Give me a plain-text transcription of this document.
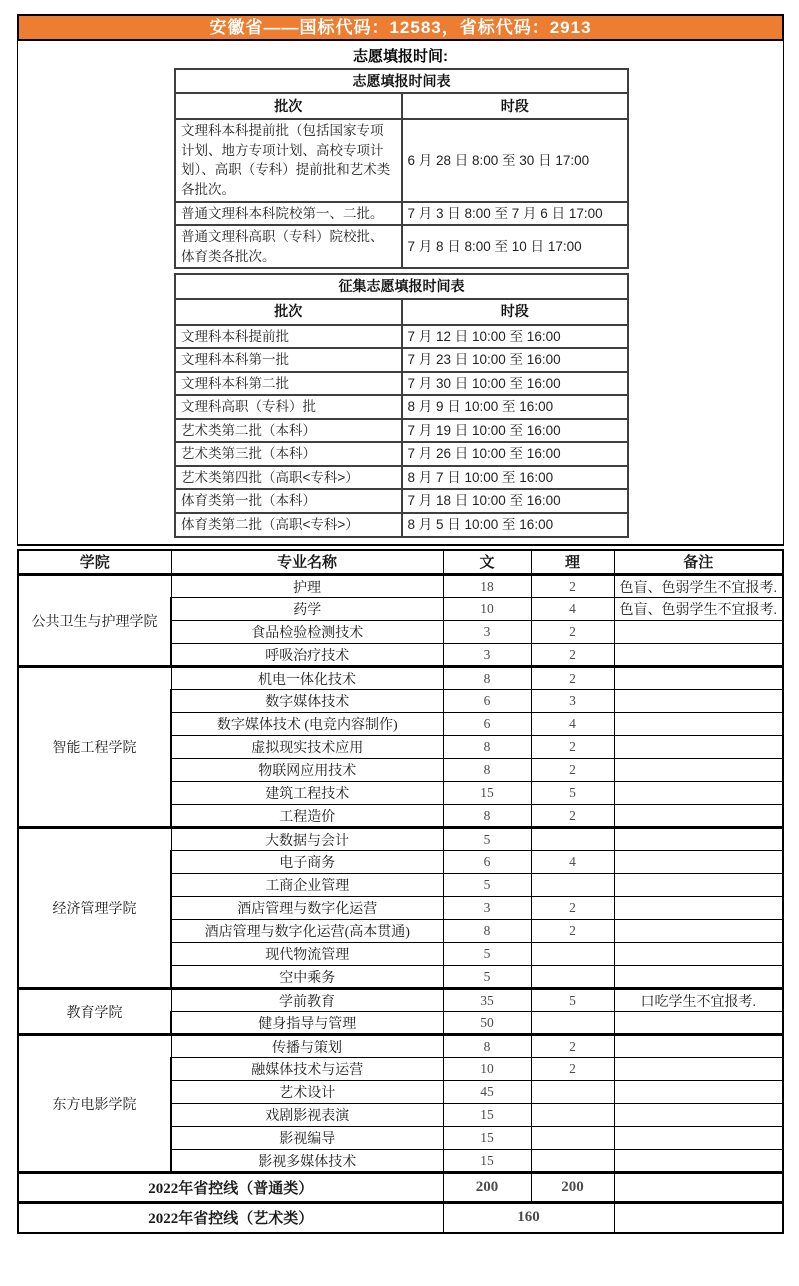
安徽省——国标代码：12583，省标代码：2913
志愿填报时间:
志愿填报时间表	
批次	时段
文理科本科提前批（包括国家专项计划、地方专项计划、高校专项计划）、高职（专科）提前批和艺术类各批次。	6 月 28 日 8:00 至 30 日 17:00
普通文理科本科院校第一、二批。	7 月 3 日 8:00 至 7 月 6 日 17:00
普通文理科高职（专科）院校批、体育类各批次。	7 月 8 日 8:00 至 10 日 17:00
征集志愿填报时间表	
批次	时段
文理科本科提前批	7 月 12 日 10:00 至 16:00
文理科本科第一批	7 月 23 日 10:00 至 16:00
文理科本科第二批	7 月 30 日 10:00 至 16:00
文理科高职（专科）批	8 月 9 日 10:00 至 16:00
艺术类第二批（本科）	7 月 19 日 10:00 至 16:00
艺术类第三批（本科）	7 月 26 日 10:00 至 16:00
艺术类第四批（高职<专科>）	8 月 7 日 10:00 至 16:00
体育类第一批（本科）	7 月 18 日 10:00 至 16:00
体育类第二批（高职<专科>）	8 月 5 日 10:00 至 16:00
学院	专业名称	文	理	备注
公共卫生与护理学院	护理	18	2	色盲、色弱学生不宜报考.
	药学	10	4	色盲、色弱学生不宜报考.
	食品检验检测技术	3	2	
	呼吸治疗技术	3	2	
智能工程学院	机电一体化技术	8	2	
	数字媒体技术	6	3	
	数字媒体技术 (电竞内容制作)	6	4	
	虚拟现实技术应用	8	2	
	物联网应用技术	8	2	
	建筑工程技术	15	5	
	工程造价	8	2	
经济管理学院	大数据与会计	5		
	电子商务	6	4	
	工商企业管理	5		
	酒店管理与数字化运营	3	2	
	酒店管理与数字化运营(高本贯通)	8	2	
	现代物流管理	5		
	空中乘务	5		
教育学院	学前教育	35	5	口吃学生不宜报考.
	健身指导与管理	50		
东方电影学院	传播与策划	8	2	
	融媒体技术与运营	10	2	
	艺术设计	45		
	戏剧影视表演	15		
	影视编导	15		
	影视多媒体技术	15		
2022年省控线（普通类）		200	200	
2022年省控线（艺术类）		160		
